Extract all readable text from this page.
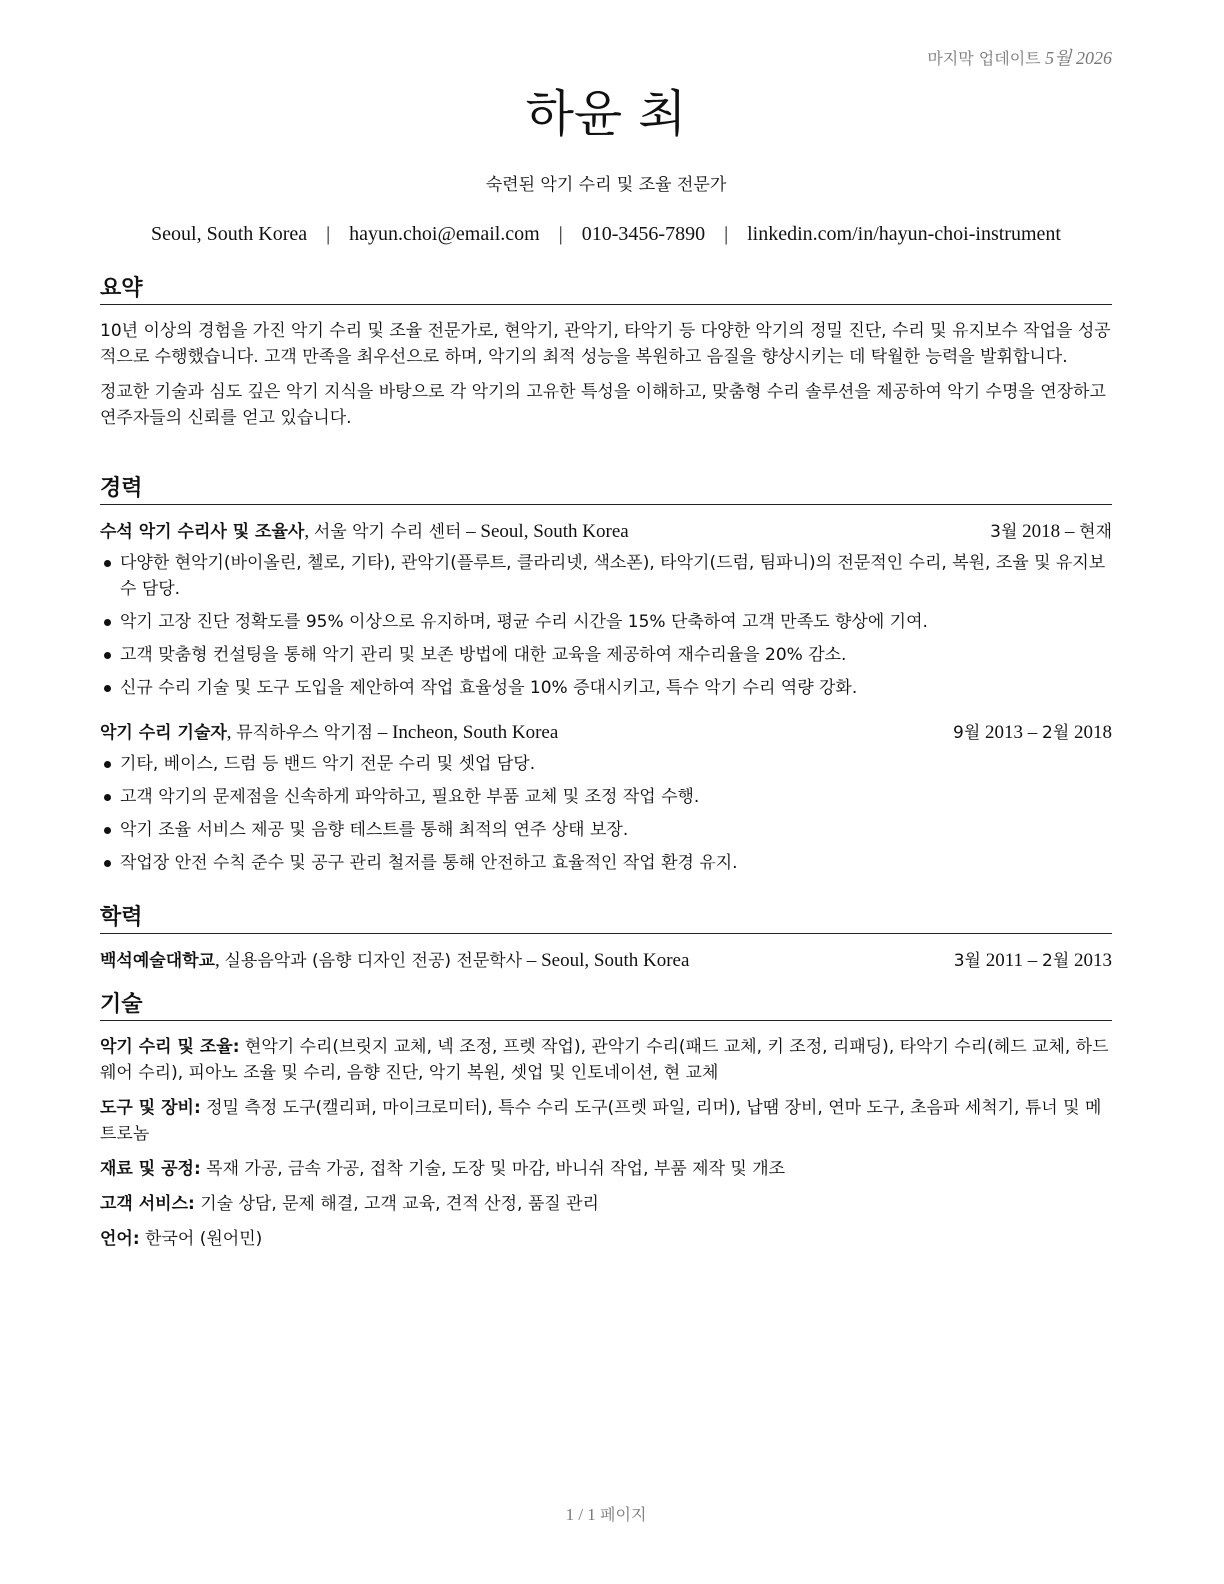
마지막 업데이트 5월 2026
하윤 최
숙련된 악기 수리 및 조율 전문가
Seoul, South Korea | hayun.choi@email.com | 010-3456-7890 | linkedin.com/in/hayun-choi-instrument
요약

10년 이상의 경험을 가진 악기 수리 및 조율 전문가로, 현악기, 관악기, 타악기 등 다양한 악기의 정밀 진단, 수리 및 유지보수 작업을 성공적으로 수행했습니다. 고객 만족을 최우선으로 하며, 악기의 최적 성능을 복원하고 음질을 향상시키는 데 탁월한 능력을 발휘합니다.

정교한 기술과 심도 깊은 악기 지식을 바탕으로 각 악기의 고유한 특성을 이해하고, 맞춤형 수리 솔루션을 제공하여 악기 수명을 연장하고 연주자들의 신뢰를 얻고 있습니다.

경력
수석 악기 수리사 및 조율사, 서울 악기 수리 센터 – Seoul, South Korea	3월 2018 – 현재
다양한 현악기(바이올린, 첼로, 기타), 관악기(플루트, 클라리넷, 색소폰), 타악기(드럼, 팀파니)의 전문적인 수리, 복원, 조율 및 유지보수 담당.
악기 고장 진단 정확도를 95% 이상으로 유지하며, 평균 수리 시간을 15% 단축하여 고객 만족도 향상에 기여.
고객 맞춤형 컨설팅을 통해 악기 관리 및 보존 방법에 대한 교육을 제공하여 재수리율을 20% 감소.
신규 수리 기술 및 도구 도입을 제안하여 작업 효율성을 10% 증대시키고, 특수 악기 수리 역량 강화.
악기 수리 기술자, 뮤직하우스 악기점 – Incheon, South Korea	9월 2013 – 2월 2018
기타, 베이스, 드럼 등 밴드 악기 전문 수리 및 셋업 담당.
고객 악기의 문제점을 신속하게 파악하고, 필요한 부품 교체 및 조정 작업 수행.
악기 조율 서비스 제공 및 음향 테스트를 통해 최적의 연주 상태 보장.
작업장 안전 수칙 준수 및 공구 관리 철저를 통해 안전하고 효율적인 작업 환경 유지.
학력
백석예술대학교, 실용음악과 (음향 디자인 전공) 전문학사 – Seoul, South Korea	3월 2011 – 2월 2013
기술

악기 수리 및 조율: 현악기 수리(브릿지 교체, 넥 조정, 프렛 작업), 관악기 수리(패드 교체, 키 조정, 리패딩), 타악기 수리(헤드 교체, 하드웨어 수리), 피아노 조율 및 수리, 음향 진단, 악기 복원, 셋업 및 인토네이션, 현 교체

도구 및 장비: 정밀 측정 도구(캘리퍼, 마이크로미터), 특수 수리 도구(프렛 파일, 리머), 납땜 장비, 연마 도구, 초음파 세척기, 튜너 및 메트로놈

재료 및 공정: 목재 가공, 금속 가공, 접착 기술, 도장 및 마감, 바니쉬 작업, 부품 제작 및 개조

고객 서비스: 기술 상담, 문제 해결, 고객 교육, 견적 산정, 품질 관리

언어: 한국어 (원어민)

1 / 1 페이지
